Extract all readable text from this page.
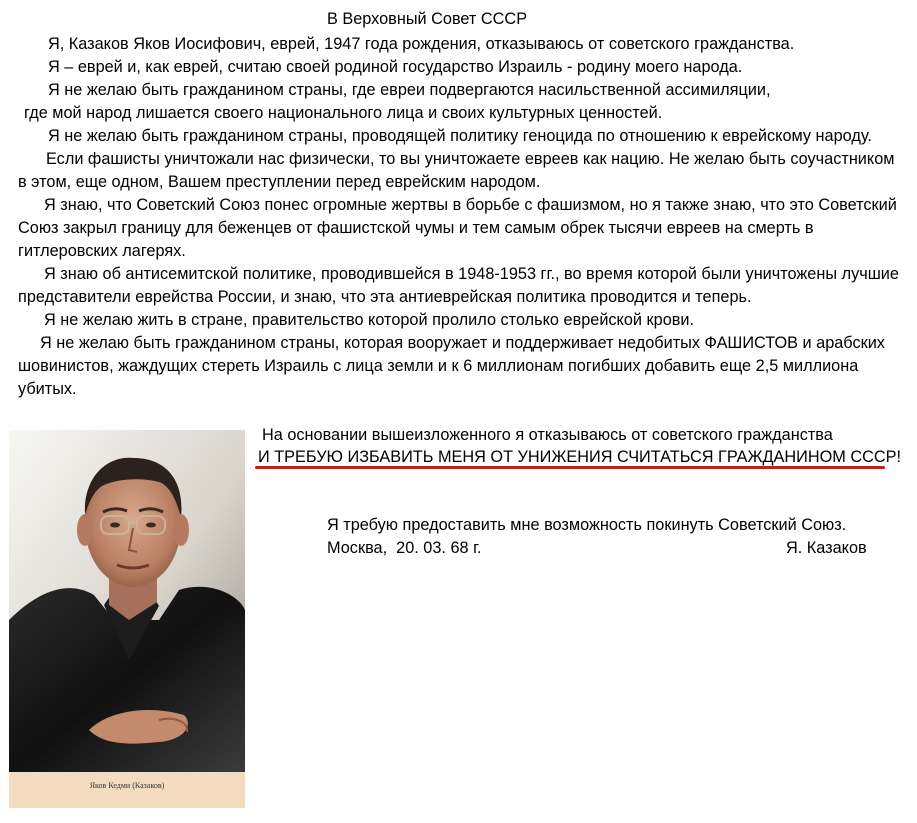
В Верховный Совет СССР

Я, Казаков Яков Иосифович, еврей, 1947 года рождения, отказываюсь от советского гражданства.

Я – еврей и, как еврей, считаю своей родиной государство Израиль - родину моего народа.

Я не желаю быть гражданином страны, где евреи подвергаются насильственной ассимиляции,

где мой народ лишается своего национального лица и своих культурных ценностей.

Я не желаю быть гражданином страны, проводящей политику геноцида по отношению к еврейскому народу.

Если фашисты уничтожали нас физически, то вы уничтожаете евреев как нацию. Не желаю быть соучастником в этом, еще одном, Вашем преступлении перед еврейским народом.

Я знаю, что Советский Союз понес огромные жертвы в борьбе с фашизмом, но я также знаю, что это Советский Союз закрыл границу для беженцев от фашистской чумы и тем самым обрек тысячи евреев на смерть в гитлеровских лагерях.

Я знаю об антисемитской политике, проводившейся в 1948-1953 гг., во время которой были уничтожены лучшие представители еврейства России, и знаю, что эта антиеврейская политика проводится и теперь.

Я не желаю жить в стране, правительство которой пролило столько еврейской крови.

Я не желаю быть гражданином страны, которая вооружает и поддерживает недобитых ФАШИСТОВ и арабских шовинистов, жаждущих стереть Израиль с лица земли и к 6 миллионам погибших добавить еще 2,5 миллиона убитых.

Яков Кедми (Казаков)
На основании вышеизложенного я отказываюсь от советского гражданства
И ТРЕБУЮ ИЗБАВИТЬ МЕНЯ ОТ УНИЖЕНИЯ СЧИТАТЬСЯ ГРАЖДАНИНОМ СССР!
Я требую предоставить мне возможность покинуть Советский Союз.
Москва,  20. 03. 68 г.	Я. Казаков
